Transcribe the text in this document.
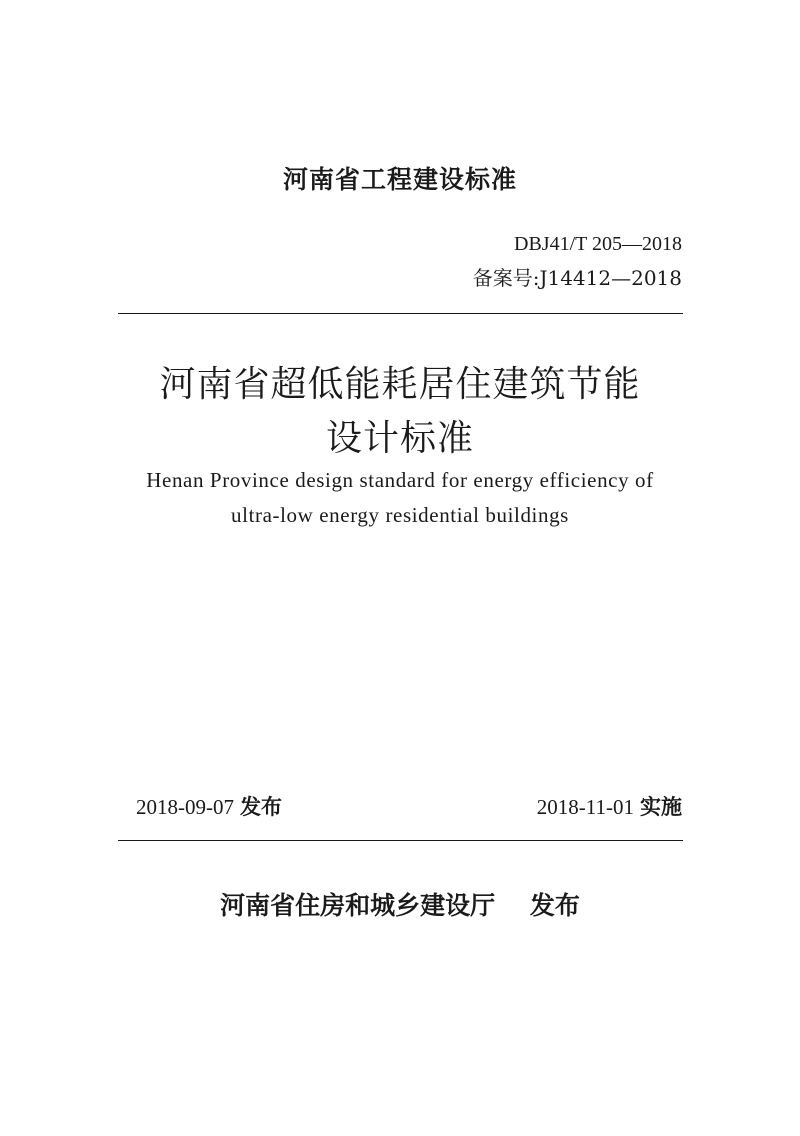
河南省工程建设标准
DBJ41/T 205—2018
备案号:J14412—2018
河南省超低能耗居住建筑节能
设计标准
Henan Province design standard for energy efficiency of
ultra-low energy residential buildings
2018-09-07 发布	2018-11-01 实施
河南省住房和城乡建设厅    发布
